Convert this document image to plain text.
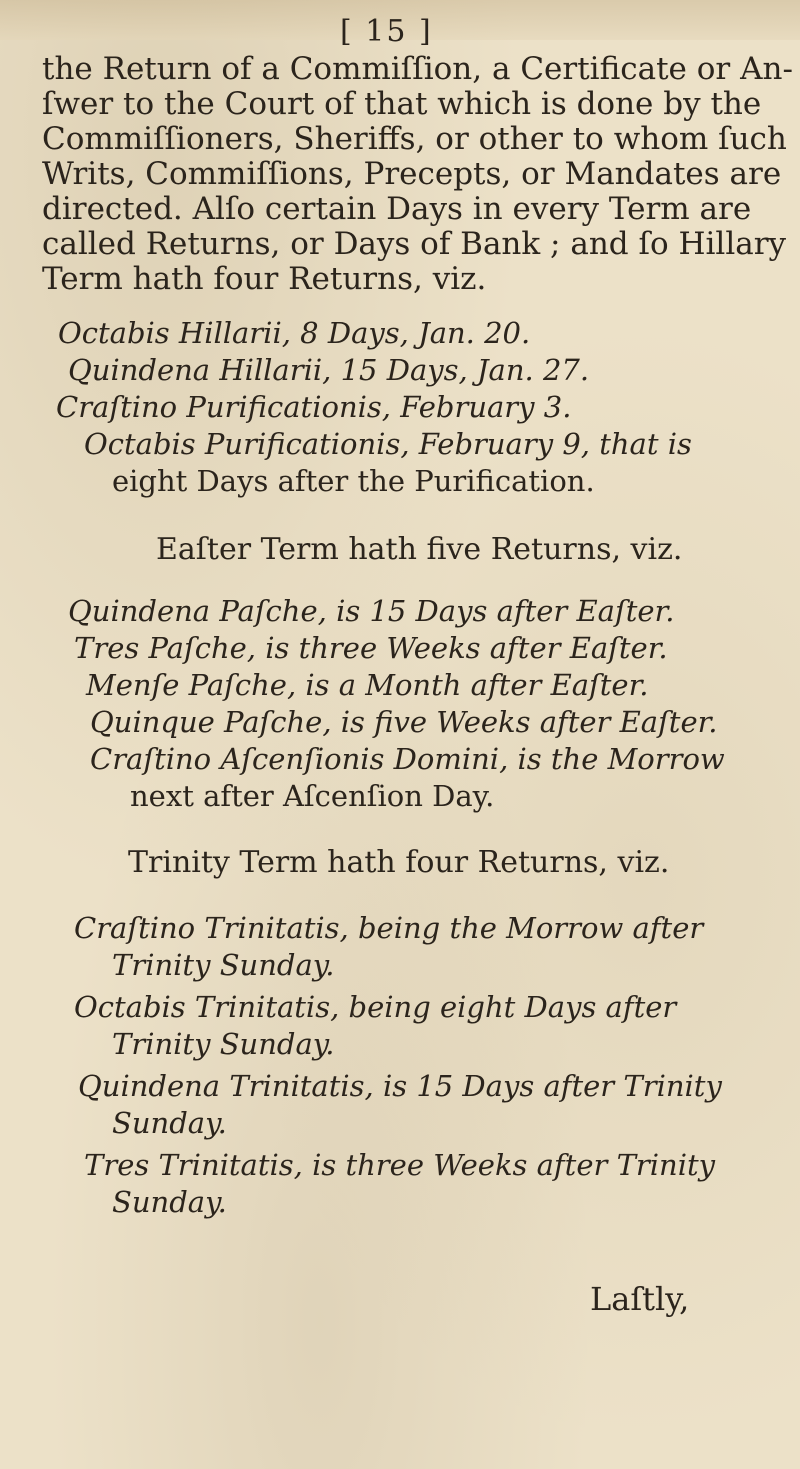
[ 15 ]
the Return of a Commiſſion, a Certificate or An-
ſwer to the Court of that which is done by the
Commiſſioners, Sheriffs, or other to whom ſuch
Writs, Commiſſions, Precepts, or Mandates are
directed. Alſo certain Days in every Term are
called Returns, or Days of Bank ; and ſo Hillary
Term hath four Returns, viz.
Octabis Hillarii, 8 Days, Jan. 20.
Quindena Hillarii, 15 Days, Jan. 27.
Craſtino Purificationis, February 3.
Octabis Purificationis, February 9, that is
eight Days after the Purification.
Eaſter Term hath five Returns, viz.
Quindena Paſche, is 15 Days after Eaſter.
Tres Paſche, is three Weeks after Eaſter.
Menſe Paſche, is a Month after Eaſter.
Quinque Paſche, is five Weeks after Eaſter.
Craſtino Aſcenſionis Domini, is the Morrow
next after Aſcenſion Day.
Trinity Term hath four Returns, viz.
Craſtino Trinitatis, being the Morrow after
Trinity Sunday.
Octabis Trinitatis, being eight Days after
Trinity Sunday.
Quindena Trinitatis, is 15 Days after Trinity
Sunday.
Tres Trinitatis, is three Weeks after Trinity
Sunday.
Laſtly,
